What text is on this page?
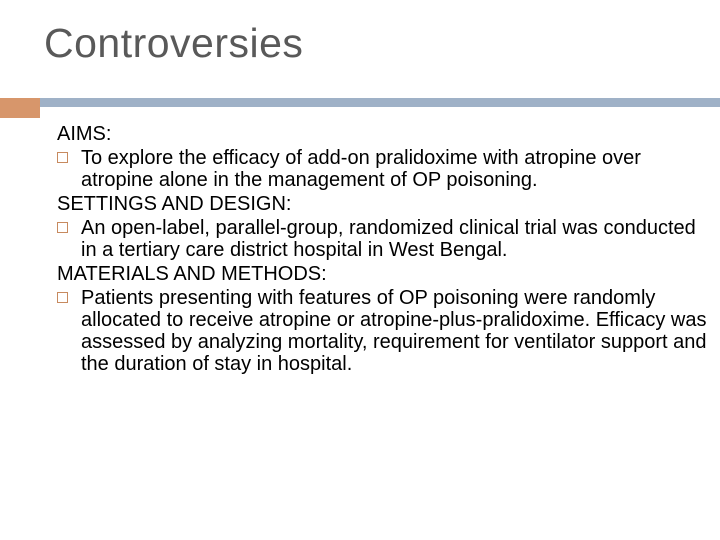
Controversies

AIMS:

To explore the efficacy of add-on pralidoxime with atropine over atropine alone in the management of OP poisoning.

SETTINGS AND DESIGN:

An open-label, parallel-group, randomized clinical trial was conducted in a tertiary care district hospital in West Bengal.

MATERIALS AND METHODS:

Patients presenting with features of OP poisoning were randomly allocated to receive atropine or atropine-plus-pralidoxime. Efficacy was assessed by analyzing mortality, requirement for ventilator support and the duration of stay in hospital.
